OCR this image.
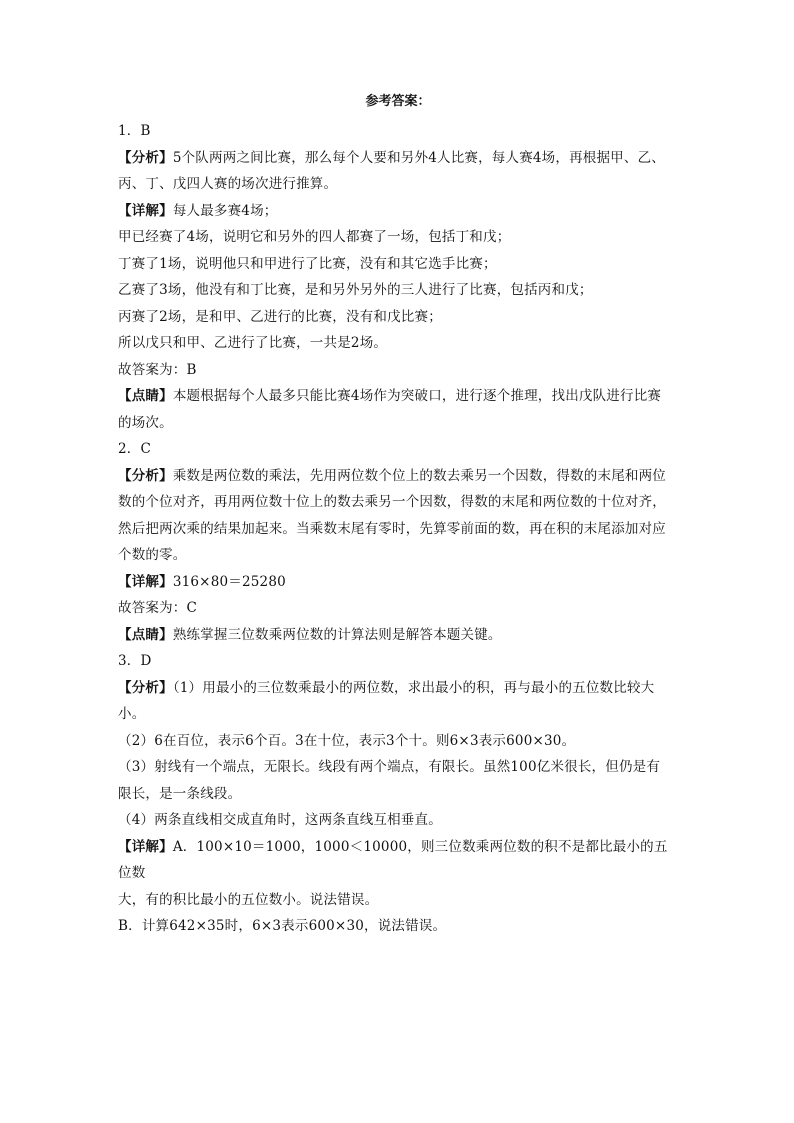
参考答案：
1．B
【分析】5个队两两之间比赛，那么每个人要和另外4人比赛，每人赛4场，再根据甲、乙、
丙、丁、戊四人赛的场次进行推算。
【详解】每人最多赛4场；
甲已经赛了4场，说明它和另外的四人都赛了一场，包括丁和戊；
丁赛了1场，说明他只和甲进行了比赛，没有和其它选手比赛；
乙赛了3场，他没有和丁比赛，是和另外另外的三人进行了比赛，包括丙和戊；
丙赛了2场，是和甲、乙进行的比赛，没有和戊比赛；
所以戊只和甲、乙进行了比赛，一共是2场。
故答案为：B
【点睛】本题根据每个人最多只能比赛4场作为突破口，进行逐个推理，找出戊队进行比赛
的场次。
2．C
【分析】乘数是两位数的乘法，先用两位数个位上的数去乘另一个因数，得数的末尾和两位
数的个位对齐，再用两位数十位上的数去乘另一个因数，得数的末尾和两位数的十位对齐，
然后把两次乘的结果加起来。当乘数末尾有零时，先算零前面的数，再在积的末尾添加对应
个数的零。
【详解】316×80＝25280
故答案为：C
【点睛】熟练掌握三位数乘两位数的计算法则是解答本题关键。
3．D
【分析】（1）用最小的三位数乘最小的两位数，求出最小的积，再与最小的五位数比较大小。
（2）6在百位，表示6个百。3在十位，表示3个十。则6×3表示600×30。
（3）射线有一个端点，无限长。线段有两个端点，有限长。虽然100亿米很长，但仍是有
限长，是一条线段。
（4）两条直线相交成直角时，这两条直线互相垂直。
【详解】A．100×10＝1000，1000＜10000，则三位数乘两位数的积不是都比最小的五位数
大，有的积比最小的五位数小。说法错误。
B．计算642×35时，6×3表示600×30，说法错误。
